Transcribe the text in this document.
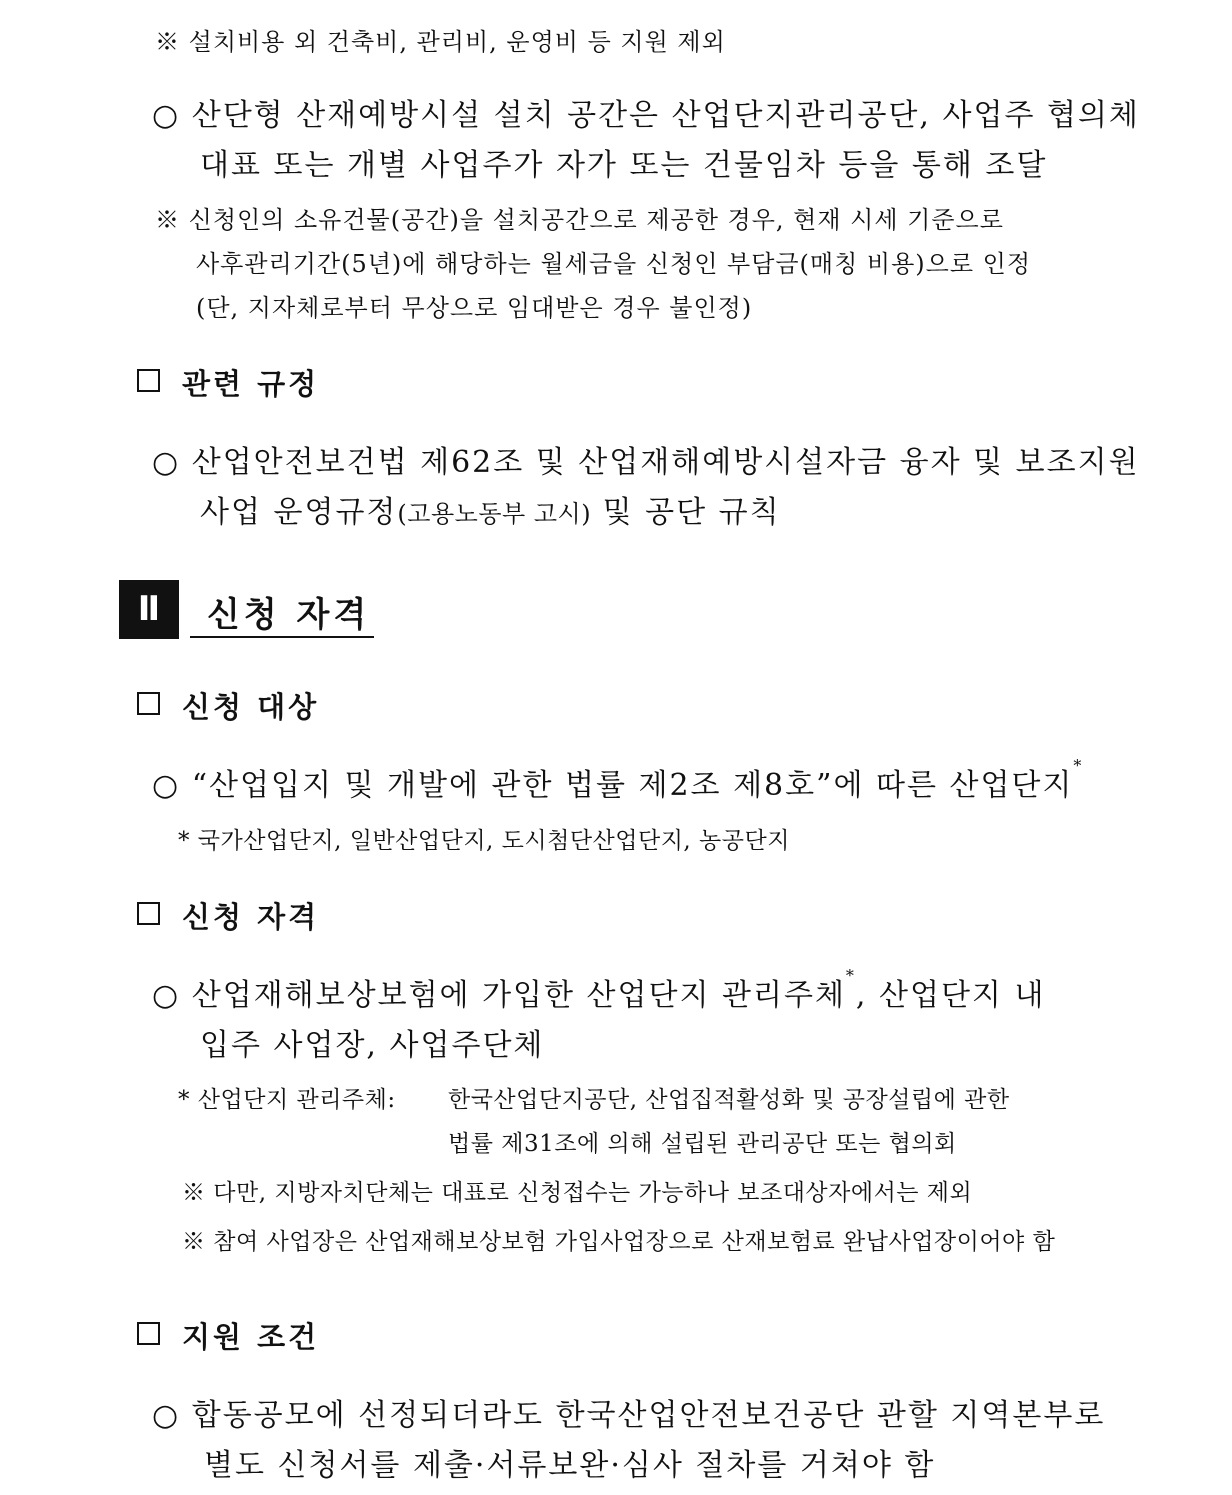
※ 설치비용 외 건축비, 관리비, 운영비 등 지원 제외
○ 산단형 산재예방시설 설치 공간은 산업단지관리공단, 사업주 협의체
대표 또는 개별 사업주가 자가 또는 건물임차 등을 통해 조달
※ 신청인의 소유건물(공간)을 설치공간으로 제공한 경우, 현재 시세 기준으로
사후관리기간(5년)에 해당하는 월세금을 신청인 부담금(매칭 비용)으로 인정
(단, 지자체로부터 무상으로 임대받은 경우 불인정)
관련 규정
○ 산업안전보건법 제62조 및 산업재해예방시설자금 융자 및 보조지원
사업 운영규정(고용노동부 고시) 및 공단 규칙
Ⅱ	신청 자격
신청 대상
○ “산업입지 및 개발에 관한 법률 제2조 제8호”에 따른 산업단지*
* 국가산업단지, 일반산업단지, 도시첨단산업단지, 농공단지
신청 자격
○ 산업재해보상보험에 가입한 산업단지 관리주체*, 산업단지 내
입주 사업장, 사업주단체
* 산업단지 관리주체: 한국산업단지공단, 산업집적활성화 및 공장설립에 관한
법률 제31조에 의해 설립된 관리공단 또는 협의회
※ 다만, 지방자치단체는 대표로 신청접수는 가능하나 보조대상자에서는 제외
※ 참여 사업장은 산업재해보상보험 가입사업장으로 산재보험료 완납사업장이어야 함
지원 조건
○ 합동공모에 선정되더라도 한국산업안전보건공단 관할 지역본부로
별도 신청서를 제출·서류보완·심사 절차를 거쳐야 함
